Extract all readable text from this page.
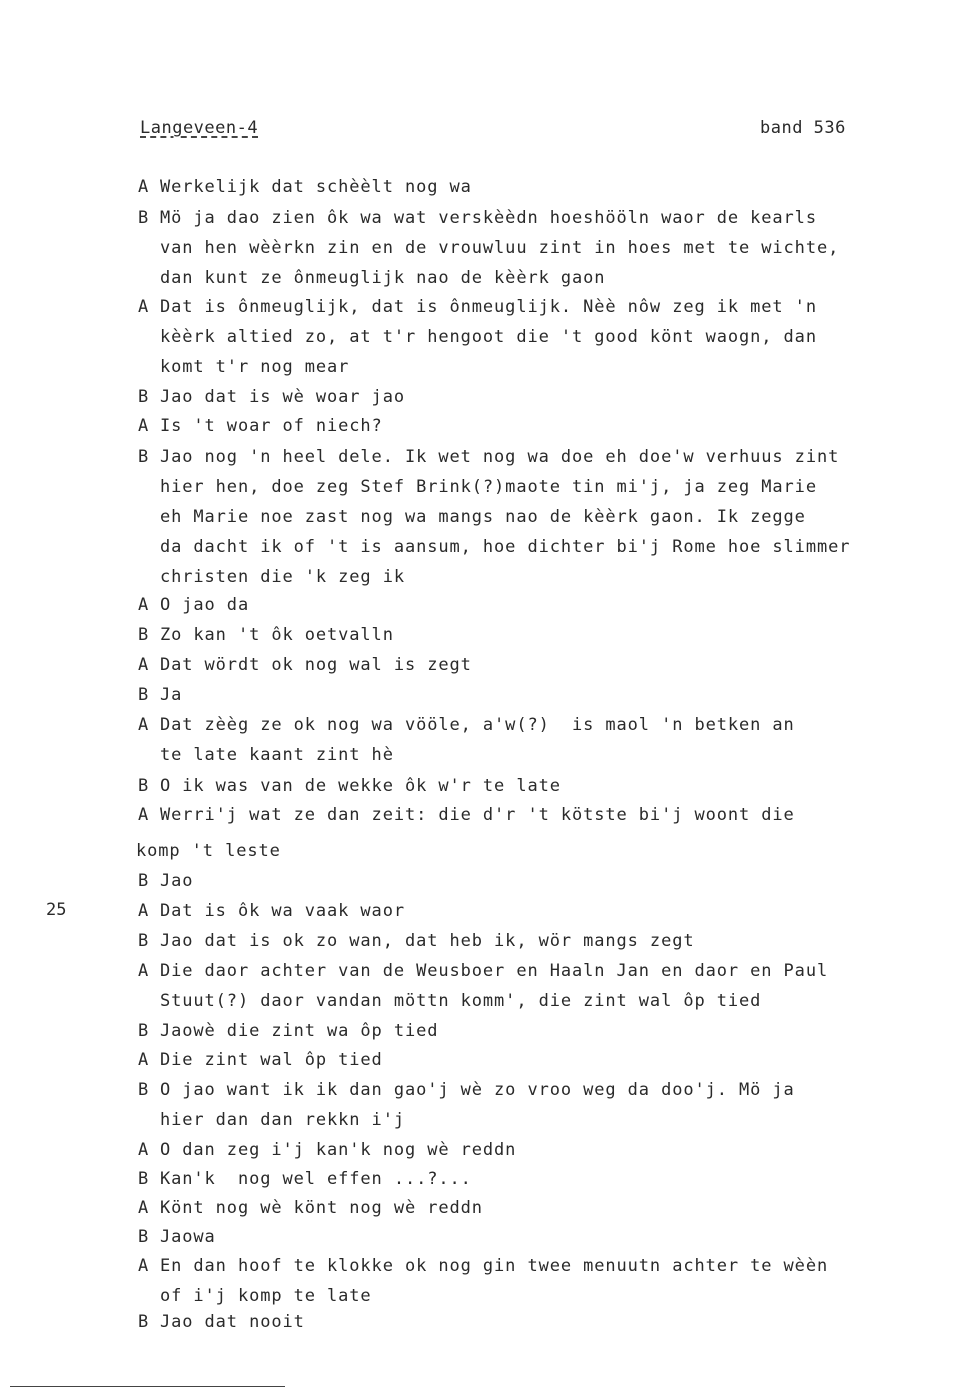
Langeveen-4	band 536
25
A Werkelijk dat schèèlt nog wa
B Mö ja dao zien ôk wa wat verskèèdn hoeshööln waor de kearls
van hen wèèrkn zin en de vrouwluu zint in hoes met te wichte,
dan kunt ze ônmeuglijk nao de kèèrk gaon
A Dat is ônmeuglijk, dat is ônmeuglijk. Nèè nôw zeg ik met 'n
kèèrk altied zo, at t'r hengoot die 't good könt waogn, dan
komt t'r nog mear
B Jao dat is wè woar jao
A Is 't woar of niech?
B Jao nog 'n heel dele. Ik wet nog wa doe eh doe'w verhuus zint
hier hen, doe zeg Stef Brink(?)maote tin mi'j, ja zeg Marie
eh Marie noe zast nog wa mangs nao de kèèrk gaon. Ik zegge
da dacht ik of 't is aansum, hoe dichter bi'j Rome hoe slimmer
christen die 'k zeg ik
A O jao da
B Zo kan 't ôk oetvalln
A Dat wördt ok nog wal is zegt
B Ja
A Dat zèèg ze ok nog wa vööle, a'w(?)  is maol 'n betken an
te late kaant zint hè
B O ik was van de wekke ôk w'r te late
A Werri'j wat ze dan zeit: die d'r 't kötste bi'j woont die
komp 't leste
B Jao
A Dat is ôk wa vaak waor
B Jao dat is ok zo wan, dat heb ik, wör mangs zegt
A Die daor achter van de Weusboer en Haaln Jan en daor en Paul
Stuut(?) daor vandan möttn komm', die zint wal ôp tied
B Jaowè die zint wa ôp tied
A Die zint wal ôp tied
B O jao want ik ik dan gao'j wè zo vroo weg da doo'j. Mö ja
hier dan dan rekkn i'j
A O dan zeg i'j kan'k nog wè reddn
B Kan'k  nog wel effen ...?...
A Könt nog wè könt nog wè reddn
B Jaowa
A En dan hoof te klokke ok nog gin twee menuutn achter te wèèn
of i'j komp te late
B Jao dat nooit
